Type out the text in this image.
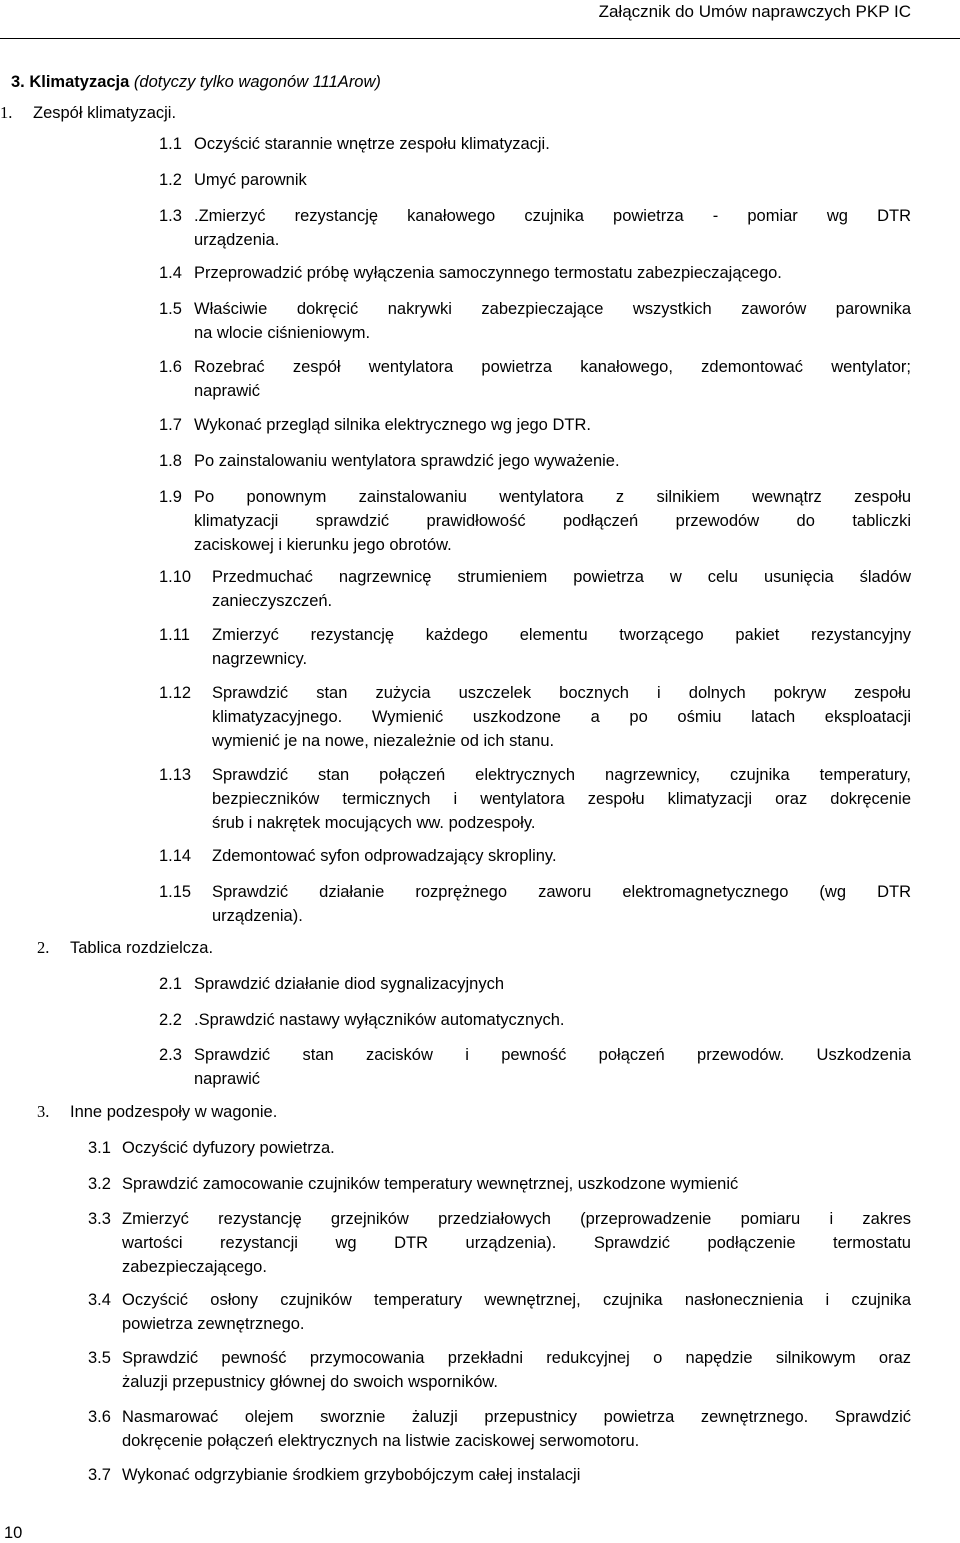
Załącznik do Umów naprawczych PKP IC
3. Klimatyzacja (dotyczy tylko wagonów 111Arow)
1. Zespół klimatyzacji.
1.1 Oczyścić starannie wnętrze zespołu klimatyzacji.
1.2 Umyć parownik
1.3 .Zmierzyć rezystancję kanałowego czujnika powietrza - pomiar wg DTR
urządzenia.
1.4 Przeprowadzić próbę wyłączenia samoczynnego termostatu zabezpieczającego.
1.5 Właściwie dokręcić nakrywki zabezpieczające wszystkich zaworów parownika
na wlocie ciśnieniowym.
1.6 Rozebrać zespół wentylatora powietrza kanałowego, zdemontować wentylator;
naprawić
1.7 Wykonać przegląd silnika elektrycznego wg jego DTR.
1.8 Po zainstalowaniu wentylatora sprawdzić jego wyważenie.
1.9 Po ponownym zainstalowaniu wentylatora z silnikiem wewnątrz zespołu
klimatyzacji sprawdzić prawidłowość podłączeń przewodów do tabliczki
zaciskowej i kierunku jego obrotów.
1.10 Przedmuchać nagrzewnicę strumieniem powietrza w celu usunięcia śladów
zanieczyszczeń.
1.11 Zmierzyć rezystancję każdego elementu tworzącego pakiet rezystancyjny
nagrzewnicy.
1.12 Sprawdzić stan zużycia uszczelek bocznych i dolnych pokryw zespołu
klimatyzacyjnego. Wymienić uszkodzone a po ośmiu latach eksploatacji
wymienić je na nowe, niezależnie od ich stanu.
1.13 Sprawdzić stan połączeń elektrycznych nagrzewnicy, czujnika temperatury,
bezpieczników termicznych i wentylatora zespołu klimatyzacji oraz dokręcenie
śrub i nakrętek mocujących ww. podzespoły.
1.14 Zdemontować syfon odprowadzający skropliny.
1.15 Sprawdzić działanie rozprężnego zaworu elektromagnetycznego (wg DTR
urządzenia).
2. Tablica rozdzielcza.
2.1 Sprawdzić działanie diod sygnalizacyjnych
2.2 .Sprawdzić nastawy wyłączników automatycznych.
2.3 Sprawdzić stan zacisków i pewność połączeń przewodów. Uszkodzenia
naprawić
3. Inne podzespoły w wagonie.
3.1 Oczyścić dyfuzory powietrza.
3.2 Sprawdzić zamocowanie czujników temperatury wewnętrznej, uszkodzone wymienić
3.3 Zmierzyć rezystancję grzejników przedziałowych (przeprowadzenie pomiaru i zakres
wartości rezystancji wg DTR urządzenia). Sprawdzić podłączenie termostatu
zabezpieczającego.
3.4 Oczyścić osłony czujników temperatury wewnętrznej, czujnika nasłonecznienia i czujnika
powietrza zewnętrznego.
3.5 Sprawdzić pewność przymocowania przekładni redukcyjnej o napędzie silnikowym oraz
żaluzji przepustnicy głównej do swoich wsporników.
3.6 Nasmarować olejem sworznie żaluzji przepustnicy powietrza zewnętrznego. Sprawdzić
dokręcenie połączeń elektrycznych na listwie zaciskowej serwomotoru.
3.7 Wykonać odgrzybianie środkiem grzybobójczym całej instalacji
10
